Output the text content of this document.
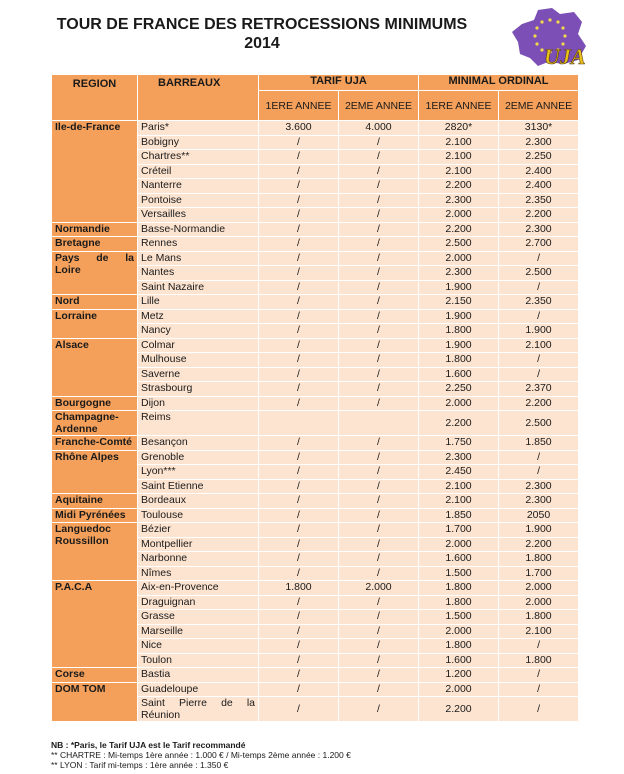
TOUR DE FRANCE DES RETROCESSIONS MINIMUMS
2014
UJA
REGION	BARREAUX	TARIF UJA		MINIMAL ORDINAL	
		1ERE ANNEE	2EME ANNEE	1ERE ANNEE	2EME ANNEE
Ile-de-France	Paris*	3.600	4.000	2820*	3130*
	Bobigny	/	/	2.100	2.300
	Chartres**	/	/	2.100	2.250
	Créteil	/	/	2.100	2.400
	Nanterre	/	/	2.200	2.400
	Pontoise	/	/	2.300	2.350
	Versailles	/	/	2.000	2.200
Normandie	Basse-Normandie	/	/	2.200	2.300
Bretagne	Rennes	/	/	2.500	2.700

Pays de la Loire	Le Mans	/	/	2.000	/
	Nantes	/	/	2.300	2.500
	Saint Nazaire	/	/	1.900	/
Nord	Lille	/	/	2.150	2.350
Lorraine	Metz	/	/	1.900	/
	Nancy	/	/	1.800	1.900
Alsace	Colmar	/	/	1.900	2.100
	Mulhouse	/	/	1.800	/
	Saverne	/	/	1.600	/
	Strasbourg	/	/	2.250	2.370
Bourgogne	Dijon	/	/	2.000	2.200
Champagne-Ardenne	Reims			2.200	2.500
Franche-Comté	Besançon	/	/	1.750	1.850
Rhône Alpes	Grenoble	/	/	2.300	/
	Lyon***	/	/	2.450	/
	Saint Etienne	/	/	2.100	2.300
Aquitaine	Bordeaux	/	/	2.100	2.300
Midi Pyrénées	Toulouse	/	/	1.850	2050

Languedoc Roussillon	Bézier	/	/	1.700	1.900
	Montpellier	/	/	2.000	2.200
	Narbonne	/	/	1.600	1.800
	Nîmes	/	/	1.500	1.700
P.A.C.A	Aix-en-Provence	1.800	2.000	1.800	2.000
	Draguignan	/	/	1.800	2.000
	Grasse	/	/	1.500	1.800
	Marseille	/	/	2.000	2.100
	Nice	/	/	1.800	/
	Toulon	/	/	1.600	1.800
Corse	Bastia	/	/	1.200	/
DOM TOM	Guadeloupe	/	/	2.000	/
	Saint Pierre de la Réunion	/	/	2.200	/
NB : *Paris, le Tarif UJA est le Tarif recommandé
** CHARTRE : Mi-temps 1ère année : 1.000 € / Mi-temps 2ème année : 1.200 €
** LYON : Tarif mi-temps : 1ère année : 1.350 €
